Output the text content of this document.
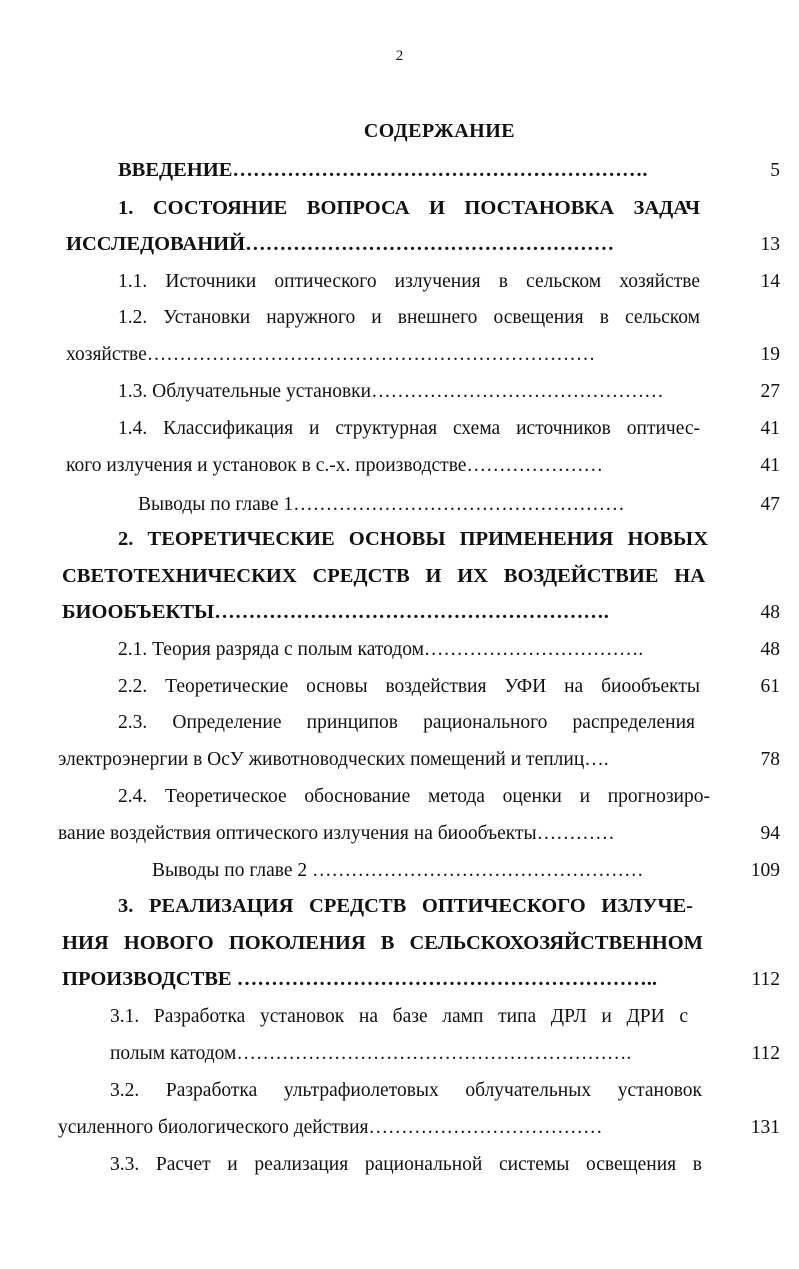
2
СОДЕРЖАНИЕ
ВВЕДЕНИЕ…………………………………………………….	5
1. СОСТОЯНИЕ ВОПРОСА И ПОСТАНОВКА ЗАДАЧ
ИССЛЕДОВАНИЙ………………………………………………	13
1.1. Источники оптического излучения в сельском хозяйстве	14
1.2. Установки наружного и внешнего освещения в сельском
хозяйстве……………………………………………………………	19
1.3. Облучательные установки………………………………………	27
1.4. Классификация и структурная схема источников оптичес-	41
кого излучения и установок в с.-х. производстве…………………	41
Выводы по главе 1……………………………………………	47
2. ТЕОРЕТИЧЕСКИЕ ОСНОВЫ ПРИМЕНЕНИЯ НОВЫХ
СВЕТОТЕХНИЧЕСКИХ СРЕДСТВ И ИХ ВОЗДЕЙСТВИЕ НА
БИООБЪЕКТЫ………………………………………………….	48
2.1. Теория разряда с полым катодом…………………………….	48
2.2. Теоретические основы воздействия УФИ на биообъекты	61
2.3. Определение принципов рационального распределения
электроэнергии в ОсУ животноводческих помещений и теплиц….	78
2.4. Теоретическое обоснование метода оценки и прогнозиро-
вание воздействия оптического излучения на биообъекты…………	94
Выводы по главе 2 ……………………………………………	109
3. РЕАЛИЗАЦИЯ СРЕДСТВ ОПТИЧЕСКОГО ИЗЛУЧЕ-
НИЯ НОВОГО ПОКОЛЕНИЯ В СЕЛЬСКОХОЗЯЙСТВЕННОМ
ПРОИЗВОДСТВЕ ……………………………………………………..	112
3.1. Разработка установок на базе ламп типа ДРЛ и ДРИ с
полым катодом…………………………………………………….	112
3.2. Разработка ультрафиолетовых облучательных установок
усиленного биологического действия………………………………	131
3.3. Расчет и реализация рациональной системы освещения в
